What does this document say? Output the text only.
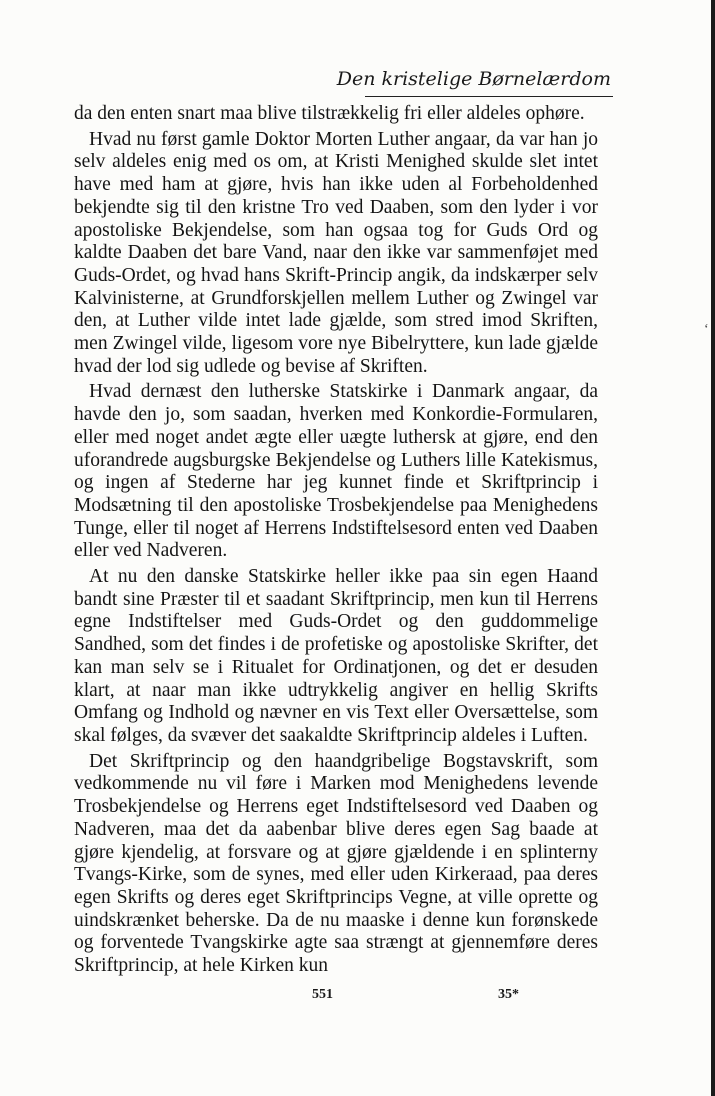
Den kristelige Børnelærdom

da den enten snart maa blive tilstrækkelig fri eller aldeles ophøre.

Hvad nu først gamle Doktor Morten Luther angaar, da var han jo selv aldeles enig med os om, at Kristi Menighed skulde slet intet have med ham at gjøre, hvis han ikke uden al Forbeholdenhed bekjendte sig til den kristne Tro ved Daaben, som den lyder i vor apostoliske Bekjendelse, som han ogsaa tog for Guds Ord og kaldte Daaben det bare Vand, naar den ikke var sammenføjet med Guds-Ordet, og hvad hans Skrift-Princip angik, da indskærper selv Kalvinisterne, at Grundforskjellen mellem Luther og Zwingel var den, at Luther vilde intet lade gjælde, som stred imod Skriften, men Zwingel vilde, ligesom vore nye Bibelryttere, kun lade gjælde hvad der lod sig udlede og bevise af Skriften.

Hvad dernæst den lutherske Statskirke i Danmark angaar, da havde den jo, som saadan, hverken med Konkordie-Formularen, eller med noget andet ægte eller uægte luthersk at gjøre, end den uforandrede augsburgske Bekjendelse og Luthers lille Katekismus, og ingen af Stederne har jeg kunnet finde et Skriftprincip i Modsætning til den apostoliske Trosbekjendelse paa Menighedens Tunge, eller til noget af Herrens Indstiftelsesord enten ved Daaben eller ved Nadveren.

At nu den danske Statskirke heller ikke paa sin egen Haand bandt sine Præster til et saadant Skriftprincip, men kun til Herrens egne Indstiftelser med Guds-Ordet og den guddommelige Sandhed, som det findes i de profetiske og apostoliske Skrifter, det kan man selv se i Ritualet for Ordinatjonen, og det er desuden klart, at naar man ikke udtrykkelig angiver en hellig Skrifts Omfang og Indhold og nævner en vis Text eller Oversættelse, som skal følges, da svæver det saakaldte Skriftprincip aldeles i Luften.

Det Skriftprincip og den haandgribelige Bogstavskrift, som vedkommende nu vil føre i Marken mod Menighedens levende Trosbekjendelse og Herrens eget Indstiftelsesord ved Daaben og Nadveren, maa det da aabenbar blive deres egen Sag baade at gjøre kjendelig, at forsvare og at gjøre gjældende i en splinterny Tvangs-Kirke, som de synes, med eller uden Kirkeraad, paa deres egen Skrifts og deres eget Skriftprincips Vegne, at ville oprette og uindskrænket beherske. Da de nu maaske i denne kun forønskede og forventede Tvangskirke agte saa strængt at gjennemføre deres Skriftprincip, at hele Kirken kun

‘
551	35*
